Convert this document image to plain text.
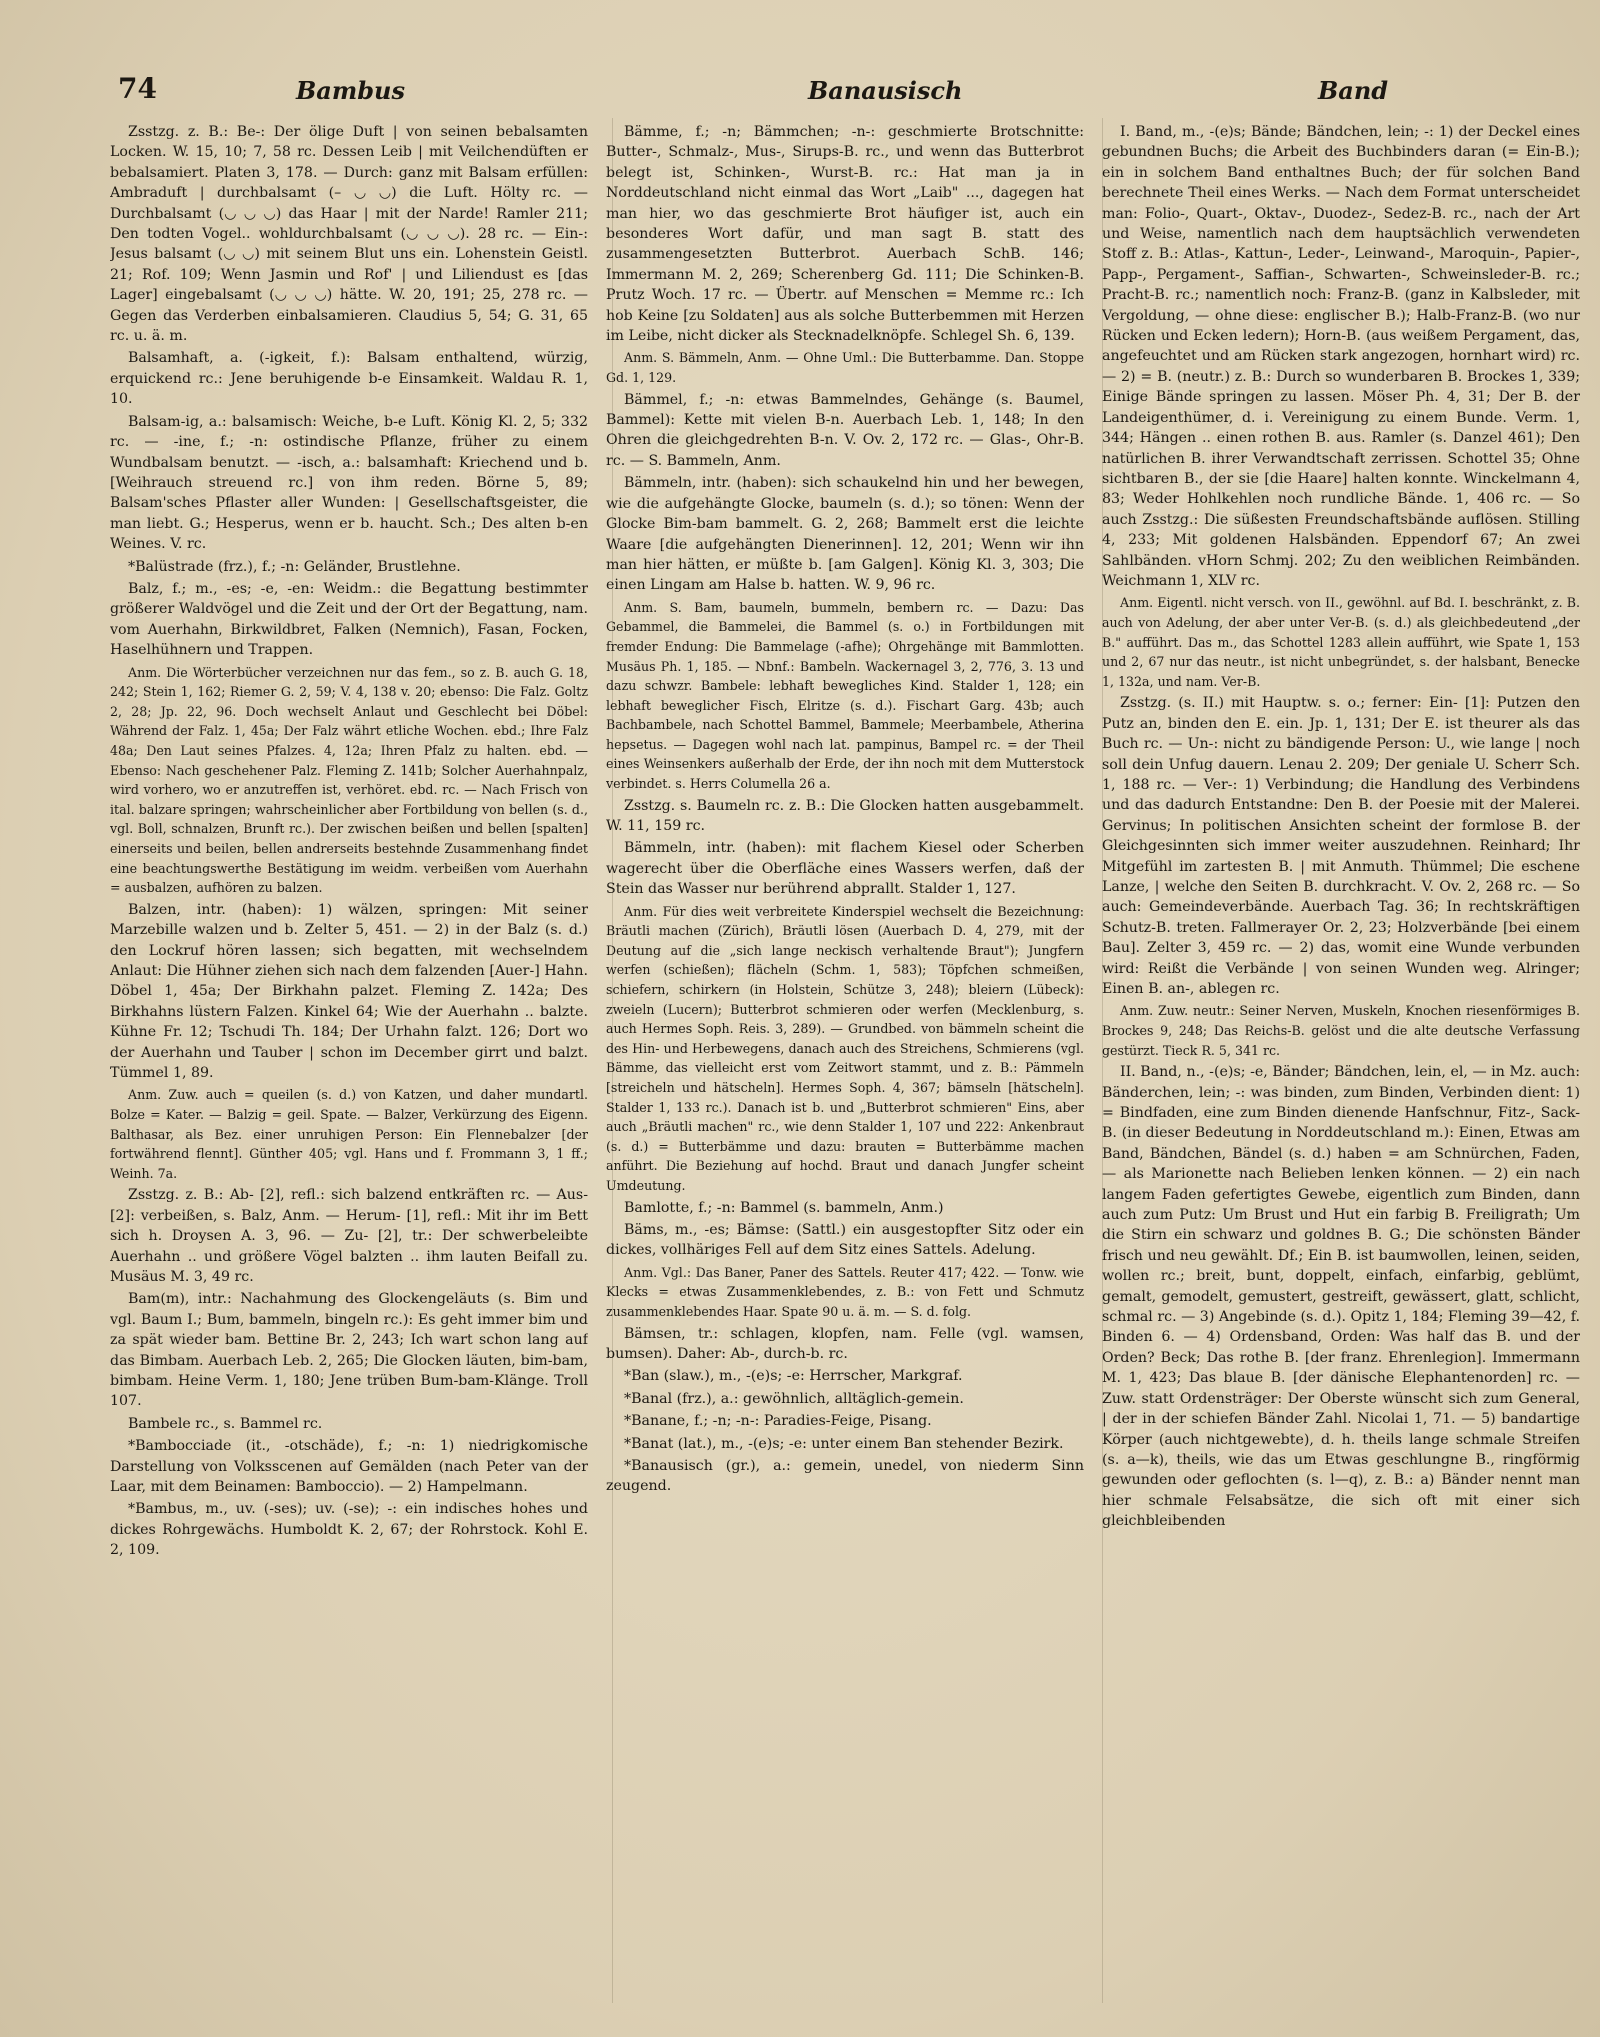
74	Bambus	Banausisch	Band

Zsstzg. z. B.: Be-: Der ölige Duft | von seinen bebalsamten Locken. W. 15, 10; 7, 58 rc. Dessen Leib | mit Veilchendüften er bebalsamiert. Platen 3, 178. — Durch: ganz mit Balsam erfüllen: Ambraduft | durchbalsamt (– ◡ ◡) die Luft. Hölty rc. — Durchbalsamt (◡ ◡ ◡) das Haar | mit der Narde! Ramler 211; Den todten Vogel.. wohldurchbalsamt (◡ ◡ ◡). 28 rc. — Ein-: Jesus balsamt (◡ ◡) mit seinem Blut uns ein. Lohenstein Geistl. 21; Rof. 109; Wenn Jasmin und Rof' | und Liliendust es [das Lager] eingebalsamt (◡ ◡ ◡) hätte. W. 20, 191; 25, 278 rc. — Gegen das Verderben einbalsamieren. Claudius 5, 54; G. 31, 65 rc. u. ä. m.

Balsamhaft, a. (-igkeit, f.): Balsam enthaltend, würzig, erquickend rc.: Jene beruhigende b-e Einsamkeit. Waldau R. 1, 10.

Balsam-ig, a.: balsamisch: Weiche, b-e Luft. König Kl. 2, 5; 332 rc. — -ine, f.; -n: ostindische Pflanze, früher zu einem Wundbalsam benutzt. — -isch, a.: balsamhaft: Kriechend und b. [Weihrauch streuend rc.] von ihm reden. Börne 5, 89; Balsam'sches Pflaster aller Wunden: | Gesellschaftsgeister, die man liebt. G.; Hesperus, wenn er b. haucht. Sch.; Des alten b-en Weines. V. rc.

*Balüstrade (frz.), f.; -n: Geländer, Brustlehne.

Balz, f.; m., -es; -e, -en: Weidm.: die Begattung bestimmter größerer Waldvögel und die Zeit und der Ort der Begattung, nam. vom Auerhahn, Birkwildbret, Falken (Nemnich), Fasan, Focken, Haselhühnern und Trappen.

Anm. Die Wörterbücher verzeichnen nur das fem., so z. B. auch G. 18, 242; Stein 1, 162; Riemer G. 2, 59; V. 4, 138 v. 20; ebenso: Die Falz. Goltz 2, 28; Jp. 22, 96. Doch wechselt Anlaut und Geschlecht bei Döbel: Während der Falz. 1, 45a; Der Falz währt etliche Wochen. ebd.; Ihre Falz 48a; Den Laut seines Pfalzes. 4, 12a; Ihren Pfalz zu halten. ebd. — Ebenso: Nach geschehener Palz. Fleming Z. 141b; Solcher Auerhahnpalz, wird vorhero, wo er anzutreffen ist, verhöret. ebd. rc. — Nach Frisch von ital. balzare springen; wahrscheinlicher aber Fortbildung von bellen (s. d., vgl. Boll, schnalzen, Brunft rc.). Der zwischen beißen und bellen [spalten] einerseits und beilen, bellen andrerseits bestehnde Zusammenhang findet eine beachtungswerthe Bestätigung im weidm. verbeißen vom Auerhahn = ausbalzen, aufhören zu balzen.

Balzen, intr. (haben): 1) wälzen, springen: Mit seiner Marzebille walzen und b. Zelter 5, 451. — 2) in der Balz (s. d.) den Lockruf hören lassen; sich begatten, mit wechselndem Anlaut: Die Hühner ziehen sich nach dem falzenden [Auer-] Hahn. Döbel 1, 45a; Der Birkhahn palzet. Fleming Z. 142a; Des Birkhahns lüstern Falzen. Kinkel 64; Wie der Auerhahn .. balzte. Kühne Fr. 12; Tschudi Th. 184; Der Urhahn falzt. 126; Dort wo der Auerhahn und Tauber | schon im December girrt und balzt. Tümmel 1, 89.

Anm. Zuw. auch = queilen (s. d.) von Katzen, und daher mundartl. Bolze = Kater. — Balzig = geil. Spate. — Balzer, Verkürzung des Eigenn. Balthasar, als Bez. einer unruhigen Person: Ein Flennebalzer [der fortwährend flennt]. Günther 405; vgl. Hans und f. Frommann 3, 1 ff.; Weinh. 7a.

Zsstzg. z. B.: Ab- [2], refl.: sich balzend entkräften rc. — Aus- [2]: verbeißen, s. Balz, Anm. — Herum- [1], refl.: Mit ihr im Bett sich h. Droysen A. 3, 96. — Zu- [2], tr.: Der schwerbeleibte Auerhahn .. und größere Vögel balzten .. ihm lauten Beifall zu. Musäus M. 3, 49 rc.

Bam(m), intr.: Nachahmung des Glockengeläuts (s. Bim und vgl. Baum I.; Bum, bammeln, bingeln rc.): Es geht immer bim und za spät wieder bam. Bettine Br. 2, 243; Ich wart schon lang auf das Bimbam. Auerbach Leb. 2, 265; Die Glocken läuten, bim-bam, bimbam. Heine Verm. 1, 180; Jene trüben Bum-bam-Klänge. Troll 107.

Bambele rc., s. Bammel rc.

*Bambocciade (it., -otschäde), f.; -n: 1) niedrigkomische Darstellung von Volksscenen auf Gemälden (nach Peter van der Laar, mit dem Beinamen: Bamboccio). — 2) Hampelmann.

*Bambus, m., uv. (-ses); uv. (-se); -: ein indisches hohes und dickes Rohrgewächs. Humboldt K. 2, 67; der Rohrstock. Kohl E. 2, 109.

Bämme, f.; -n; Bämmchen; -n-: geschmierte Brotschnitte: Butter-, Schmalz-, Mus-, Sirups-B. rc., und wenn das Butterbrot belegt ist, Schinken-, Wurst-B. rc.: Hat man ja in Norddeutschland nicht einmal das Wort „Laib" ..., dagegen hat man hier, wo das geschmierte Brot häufiger ist, auch ein besonderes Wort dafür, und man sagt B. statt des zusammengesetzten Butterbrot. Auerbach SchB. 146; Immermann M. 2, 269; Scherenberg Gd. 111; Die Schinken-B. Prutz Woch. 17 rc. — Übertr. auf Menschen = Memme rc.: Ich hob Keine [zu Soldaten] aus als solche Butterbemmen mit Herzen im Leibe, nicht dicker als Stecknadelknöpfe. Schlegel Sh. 6, 139.

Anm. S. Bämmeln, Anm. — Ohne Uml.: Die Butterbamme. Dan. Stoppe Gd. 1, 129.

Bämmel, f.; -n: etwas Bammelndes, Gehänge (s. Baumel, Bammel): Kette mit vielen B-n. Auerbach Leb. 1, 148; In den Ohren die gleichgedrehten B-n. V. Ov. 2, 172 rc. — Glas-, Ohr-B. rc. — S. Bammeln, Anm.

Bämmeln, intr. (haben): sich schaukelnd hin und her bewegen, wie die aufgehängte Glocke, baumeln (s. d.); so tönen: Wenn der Glocke Bim-bam bammelt. G. 2, 268; Bammelt erst die leichte Waare [die aufgehängten Dienerinnen]. 12, 201; Wenn wir ihn man hier hätten, er müßte b. [am Galgen]. König Kl. 3, 303; Die einen Lingam am Halse b. hatten. W. 9, 96 rc.

Anm. S. Bam, baumeln, bummeln, bembern rc. — Dazu: Das Gebammel, die Bammelei, die Bammel (s. o.) in Fortbildungen mit fremder Endung: Die Bammelage (-afhe); Ohrgehänge mit Bammlotten. Musäus Ph. 1, 185. — Nbnf.: Bambeln. Wackernagel 3, 2, 776, 3. 13 und dazu schwzr. Bambele: lebhaft bewegliches Kind. Stalder 1, 128; ein lebhaft beweglicher Fisch, Elritze (s. d.). Fischart Garg. 43b; auch Bachbambele, nach Schottel Bammel, Bammele; Meerbambele, Atherina hepsetus. — Dagegen wohl nach lat. pampinus, Bampel rc. = der Theil eines Weinsenkers außerhalb der Erde, der ihn noch mit dem Mutterstock verbindet. s. Herrs Columella 26 a.

Zsstzg. s. Baumeln rc. z. B.: Die Glocken hatten ausgebammelt. W. 11, 159 rc.

Bämmeln, intr. (haben): mit flachem Kiesel oder Scherben wagerecht über die Oberfläche eines Wassers werfen, daß der Stein das Wasser nur berührend abprallt. Stalder 1, 127.

Anm. Für dies weit verbreitete Kinderspiel wechselt die Bezeichnung: Bräutli machen (Zürich), Bräutli lösen (Auerbach D. 4, 279, mit der Deutung auf die „sich lange neckisch verhaltende Braut"); Jungfern werfen (schießen); flächeln (Schm. 1, 583); Töpfchen schmeißen, schiefern, schirkern (in Holstein, Schütze 3, 248); bleiern (Lübeck): zweieln (Lucern); Butterbrot schmieren oder werfen (Mecklenburg, s. auch Hermes Soph. Reis. 3, 289). — Grundbed. von bämmeln scheint die des Hin- und Herbewegens, danach auch des Streichens, Schmierens (vgl. Bämme, das vielleicht erst vom Zeitwort stammt, und z. B.: Pämmeln [streicheln und hätscheln]. Hermes Soph. 4, 367; bämseln [hätscheln]. Stalder 1, 133 rc.). Danach ist b. und „Butterbrot schmieren" Eins, aber auch „Bräutli machen" rc., wie denn Stalder 1, 107 und 222: Ankenbraut (s. d.) = Butterbämme und dazu: brauten = Butterbämme machen anführt. Die Beziehung auf hochd. Braut und danach Jungfer scheint Umdeutung.

Bamlotte, f.; -n: Bammel (s. bammeln, Anm.)

Bäms, m., -es; Bämse: (Sattl.) ein ausgestopfter Sitz oder ein dickes, vollhäriges Fell auf dem Sitz eines Sattels. Adelung.

Anm. Vgl.: Das Baner, Paner des Sattels. Reuter 417; 422. — Tonw. wie Klecks = etwas Zusammenklebendes, z. B.: von Fett und Schmutz zusammenklebendes Haar. Spate 90 u. ä. m. — S. d. folg.

Bämsen, tr.: schlagen, klopfen, nam. Felle (vgl. wamsen, bumsen). Daher: Ab-, durch-b. rc.

*Ban (slaw.), m., -(e)s; -e: Herrscher, Markgraf.

*Banal (frz.), a.: gewöhnlich, alltäglich-gemein.

*Banane, f.; -n; -n-: Paradies-Feige, Pisang.

*Banat (lat.), m., -(e)s; -e: unter einem Ban stehender Bezirk.

*Banausisch (gr.), a.: gemein, unedel, von niederm Sinn zeugend.

I. Band, m., -(e)s; Bände; Bändchen, lein; -: 1) der Deckel eines gebundnen Buchs; die Arbeit des Buchbinders daran (= Ein-B.); ein in solchem Band enthaltnes Buch; der für solchen Band berechnete Theil eines Werks. — Nach dem Format unterscheidet man: Folio-, Quart-, Oktav-, Duodez-, Sedez-B. rc., nach der Art und Weise, namentlich nach dem hauptsächlich verwendeten Stoff z. B.: Atlas-, Kattun-, Leder-, Leinwand-, Maroquin-, Papier-, Papp-, Pergament-, Saffian-, Schwarten-, Schweinsleder-B. rc.; Pracht-B. rc.; namentlich noch: Franz-B. (ganz in Kalbsleder, mit Vergoldung, — ohne diese: englischer B.); Halb-Franz-B. (wo nur Rücken und Ecken ledern); Horn-B. (aus weißem Pergament, das, angefeuchtet und am Rücken stark angezogen, hornhart wird) rc. — 2) = B. (neutr.) z. B.: Durch so wunderbaren B. Brockes 1, 339; Einige Bände springen zu lassen. Möser Ph. 4, 31; Der B. der Landeigenthümer, d. i. Vereinigung zu einem Bunde. Verm. 1, 344; Hängen .. einen rothen B. aus. Ramler (s. Danzel 461); Den natürlichen B. ihrer Verwandtschaft zerrissen. Schottel 35; Ohne sichtbaren B., der sie [die Haare] halten konnte. Winckelmann 4, 83; Weder Hohlkehlen noch rundliche Bände. 1, 406 rc. — So auch Zsstzg.: Die süßesten Freundschaftsbände auflösen. Stilling 4, 233; Mit goldenen Halsbänden. Eppendorf 67; An zwei Sahlbänden. vHorn Schmj. 202; Zu den weiblichen Reimbänden. Weichmann 1, XLV rc.

Anm. Eigentl. nicht versch. von II., gewöhnl. auf Bd. I. beschränkt, z. B. auch von Adelung, der aber unter Ver-B. (s. d.) als gleichbedeutend „der B." aufführt. Das m., das Schottel 1283 allein aufführt, wie Spate 1, 153 und 2, 67 nur das neutr., ist nicht unbegründet, s. der halsbant, Benecke 1, 132a, und nam. Ver-B.

Zsstzg. (s. II.) mit Hauptw. s. o.; ferner: Ein- [1]: Putzen den Putz an, binden den E. ein. Jp. 1, 131; Der E. ist theurer als das Buch rc. — Un-: nicht zu bändigende Person: U., wie lange | noch soll dein Unfug dauern. Lenau 2. 209; Der geniale U. Scherr Sch. 1, 188 rc. — Ver-: 1) Verbindung; die Handlung des Verbindens und das dadurch Entstandne: Den B. der Poesie mit der Malerei. Gervinus; In politischen Ansichten scheint der formlose B. der Gleichgesinnten sich immer weiter auszudehnen. Reinhard; Ihr Mitgefühl im zartesten B. | mit Anmuth. Thümmel; Die eschene Lanze, | welche den Seiten B. durchkracht. V. Ov. 2, 268 rc. — So auch: Gemeindeverbände. Auerbach Tag. 36; In rechtskräftigen Schutz-B. treten. Fallmerayer Or. 2, 23; Holzverbände [bei einem Bau]. Zelter 3, 459 rc. — 2) das, womit eine Wunde verbunden wird: Reißt die Verbände | von seinen Wunden weg. Alringer; Einen B. an-, ablegen rc.

Anm. Zuw. neutr.: Seiner Nerven, Muskeln, Knochen riesenförmiges B. Brockes 9, 248; Das Reichs-B. gelöst und die alte deutsche Verfassung gestürzt. Tieck R. 5, 341 rc.

II. Band, n., -(e)s; -e, Bänder; Bändchen, lein, el, — in Mz. auch: Bänderchen, lein; -: was binden, zum Binden, Verbinden dient: 1) = Bindfaden, eine zum Binden dienende Hanfschnur, Fitz-, Sack-B. (in dieser Bedeutung in Norddeutschland m.): Einen, Etwas am Band, Bändchen, Bändel (s. d.) haben = am Schnürchen, Faden, — als Marionette nach Belieben lenken können. — 2) ein nach langem Faden gefertigtes Gewebe, eigentlich zum Binden, dann auch zum Putz: Um Brust und Hut ein farbig B. Freiligrath; Um die Stirn ein schwarz und goldnes B. G.; Die schönsten Bänder frisch und neu gewählt. Df.; Ein B. ist baumwollen, leinen, seiden, wollen rc.; breit, bunt, doppelt, einfach, einfarbig, geblümt, gemalt, gemodelt, gemustert, gestreift, gewässert, glatt, schlicht, schmal rc. — 3) Angebinde (s. d.). Opitz 1, 184; Fleming 39—42, f. Binden 6. — 4) Ordensband, Orden: Was half das B. und der Orden? Beck; Das rothe B. [der franz. Ehrenlegion]. Immermann M. 1, 423; Das blaue B. [der dänische Elephantenorden] rc. — Zuw. statt Ordensträger: Der Oberste wünscht sich zum General, | der in der schiefen Bänder Zahl. Nicolai 1, 71. — 5) bandartige Körper (auch nichtgewebte), d. h. theils lange schmale Streifen (s. a—k), theils, wie das um Etwas geschlungne B., ringförmig gewunden oder geflochten (s. l—q), z. B.: a) Bänder nennt man hier schmale Felsabsätze, die sich oft mit einer sich gleichbleibenden
